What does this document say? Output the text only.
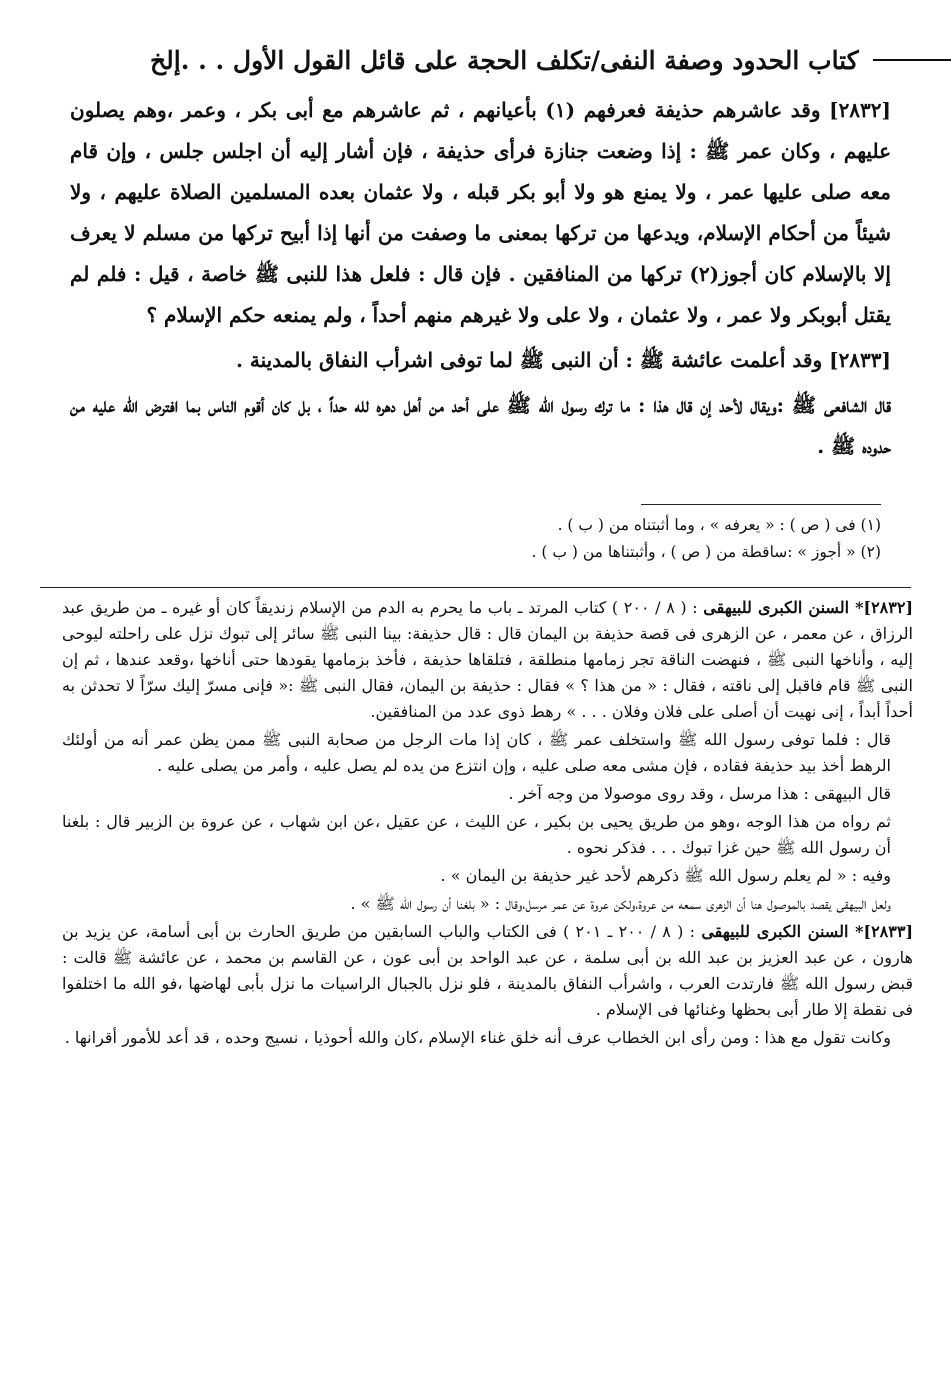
كتاب الحدود وصفة النفى/تكلف الحجة على قائل القول الأول . . .إلخ

[٢٨٣٢] وقد عاشرهم حذيفة فعرفهم (١) بأعيانهم ، ثم عاشرهم مع أبى بكر ، وعمر ،وهم يصلون عليهم ، وكان عمر ﷺ : إذا وضعت جنازة فرأى حذيفة ، فإن أشار إليه أن اجلس جلس ، وإن قام معه صلى عليها عمر ، ولا يمنع هو ولا أبو بكر قبله ، ولا عثمان بعده المسلمين الصلاة عليهم ، ولا شيئاً من أحكام الإسلام، ويدعها من تركها بمعنى ما وصفت من أنها إذا أبيح تركها من مسلم لا يعرف إلا بالإسلام كان أجوز(٢) تركها من المنافقين . فإن قال : فلعل هذا للنبى ﷺ خاصة ، قيل : فلم لم يقتل أبوبكر ولا عمر ، ولا عثمان ، ولا على ولا غيرهم منهم أحداً ، ولم يمنعه حكم الإسلام ؟

[٢٨٣٣] وقد أعلمت عائشة ﷺ : أن النبى ﷺ لما توفى اشرأب النفاق بالمدينة .

قال الشافعى ﷺ :ويقال لأحد إن قال هذا : ما ترك رسول الله ﷺ على أحد من أهل دهره لله حداً ، بل كان أقوم الناس بما افترض الله عليه من حدوده ﷺ .

(١) فى ( ص ) : « يعرفه » ، وما أثبتناه من ( ب ) .
(٢) « أجوز » :ساقطة من ( ص ) ، وأثبتناها من ( ب ) .

[٢٨٣٢]* السنن الكبرى للبيهقى : ( ٨ / ٢٠٠ ) كتاب المرتد ـ باب ما يحرم به الدم من الإسلام زنديقاً كان أو غيره ـ من طريق عبد الرزاق ، عن معمر ، عن الزهرى فى قصة حذيفة بن اليمان قال : قال حذيفة: بينا النبى ﷺ سائر إلى تبوك نزل على راحلته ليوحى إليه ، وأناخها النبى ﷺ ، فنهضت الناقة تجر زمامها منطلقة ، فتلقاها حذيفة ، فأخذ بزمامها يقودها حتى أناخها ،وقعد عندها ، ثم إن النبى ﷺ قام فاقبل إلى ناقته ، فقال : « من هذا ؟ » فقال : حذيفة بن اليمان، فقال النبى ﷺ :« فإنى مسرّ إليك سرّاً لا تحدثن به أحداً أبداً ، إنى نهيت أن أصلى على فلان وفلان . . . » رهط ذوى عدد من المنافقين.

قال : فلما توفى رسول الله ﷺ واستخلف عمر ﷺ ، كان إذا مات الرجل من صحابة النبى ﷺ ممن يظن عمر أنه من أولئك الرهط أخذ بيد حذيفة فقاده ، فإن مشى معه صلى عليه ، وإن انتزع من يده لم يصل عليه ، وأمر من يصلى عليه .

قال البيهقى : هذا مرسل ، وقد روى موصولا من وجه آخر .

ثم رواه من هذا الوجه ،وهو من طريق يحيى بن بكير ، عن الليث ، عن عقيل ،عن ابن شهاب ، عن عروة بن الزبير قال : بلغنا أن رسول الله ﷺ حين غزا تبوك . . . فذكر نحوه .

وفيه : « لم يعلم رسول الله ﷺ ذكرهم لأحد غير حذيفة بن اليمان » .

ولعل البيهقى يقصد بالموصول هنا أن الزهرى سمعه من عروة،ولكن عروة عن عمر مرسل،وقال : « بلغنا أن رسول الله ﷺ » .

[٢٨٣٣]* السنن الكبرى للبيهقى : ( ٨ / ٢٠٠ ـ ٢٠١ ) فى الكتاب والباب السابقين من طريق الحارث بن أبى أسامة، عن يزيد بن هارون ، عن عبد العزيز بن عبد الله بن أبى سلمة ، عن عبد الواحد بن أبى عون ، عن القاسم بن محمد ، عن عائشة ﷺ قالت : قبض رسول الله ﷺ فارتدت العرب ، واشرأب النفاق بالمدينة ، فلو نزل بالجبال الراسيات ما نزل بأبى لهاضها ،فو الله ما اختلفوا فى نقطة إلا طار أبى بحظها وغنائها فى الإسلام .

وكانت تقول مع هذا : ومن رأى ابن الخطاب عرف أنه خلق غناء الإسلام ،كان والله أحوذيا ، نسيج وحده ، قد أعد للأمور أقرانها .
